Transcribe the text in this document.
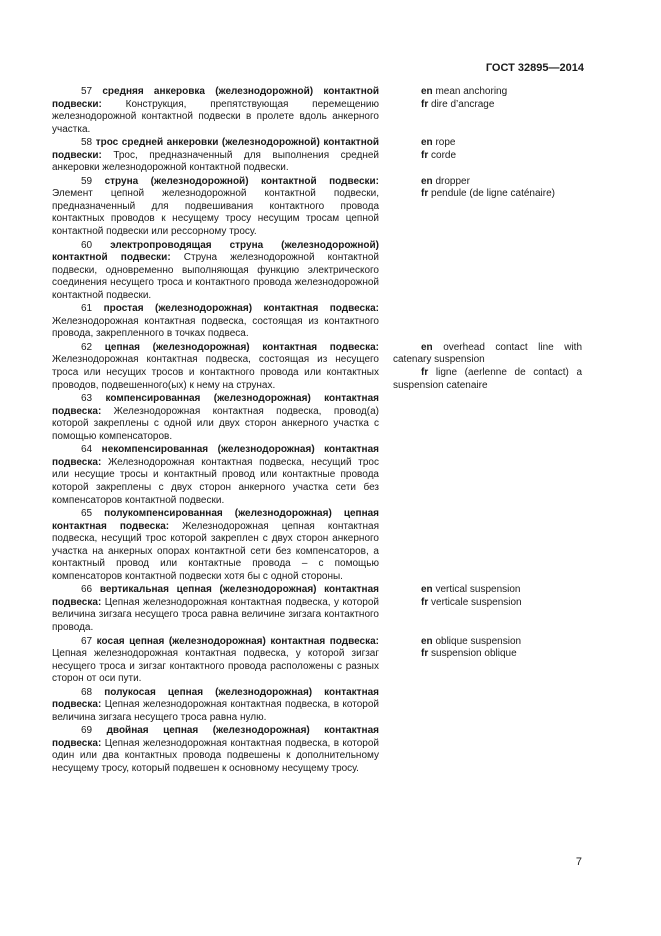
ГОСТ 32895—2014
57 средняя анкеровка (железнодорожной) контактной подвески: Конструкция, препятствующая перемещению железнодорожной контактной подвески в пролете вдоль анкерного участка.
en mean anchoring
fr dire d’ancrage
58 трос средней анкеровки (железнодорожной) контактной подвески: Трос, предназначенный для выполнения средней анкеровки железнодорожной контактной подвески.
en rope
fr corde
59 струна (железнодорожной) контактной подвески: Элемент цепной железнодорожной контактной подвески, предназначенный для подвешивания контактного провода контактных проводов к несущему тросу несущим тросам цепной контактной подвески или рессорному тросу.
en dropper
fr pendule (de ligne caténaire)
60 электропроводящая струна (железнодорожной) контактной подвески: Струна железнодорожной контактной подвески, одновременно выполняющая функцию электрического соединения несущего троса и контактного провода железнодорожной контактной подвески.
61 простая (железнодорожная) контактная подвеска: Железнодорожная контактная подвеска, состоящая из контактного провода, закрепленного в точках подвеса.
62 цепная (железнодорожная) контактная подвеска: Железнодорожная контактная подвеска, состоящая из несущего троса или несущих тросов и контактного провода или контактных проводов, подвешенного(ых) к нему на струнах.
en overhead contact line with catenary suspension
fr ligne (aerlenne de contact) a suspension catenaire
63 компенсированная (железнодорожная) контактная подвеска: Железнодорожная контактная подвеска, провод(а) которой закреплены с одной или двух сторон анкерного участка с помощью компенсаторов.
64 некомпенсированная (железнодорожная) контактная подвеска: Железнодорожная контактная подвеска, несущий трос или несущие тросы и контактный провод или контактные провода которой закреплены с двух сторон анкерного участка сети без компенсаторов контактной подвески.
65 полукомпенсированная (железнодорожная) цепная контактная подвеска: Железнодорожная цепная контактная подвеска, несущий трос которой закреплен с двух сторон анкерного участка на анкерных опорах контактной сети без компенсаторов, а контактный провод или контактные провода – с помощью компенсаторов контактной подвески хотя бы с одной стороны.
66 вертикальная цепная (железнодорожная) контактная подвеска: Цепная железнодорожная контактная подвеска, у которой величина зигзага несущего троса равна величине зигзага контактного провода.
en vertical suspension
fr verticale suspension
67 косая цепная (железнодорожная) контактная подвеска: Цепная железнодорожная контактная подвеска, у которой зигзаг несущего троса и зигзаг контактного провода расположены с разных сторон от оси пути.
en oblique suspension
fr suspension oblique
68 полукосая цепная (железнодорожная) контактная подвеска: Цепная железнодорожная контактная подвеска, в которой величина зигзага несущего троса равна нулю.
69 двойная цепная (железнодорожная) контактная подвеска: Цепная железнодорожная контактная подвеска, в которой один или два контактных провода подвешены к дополнительному несущему тросу, который подвешен к основному несущему тросу.
7
